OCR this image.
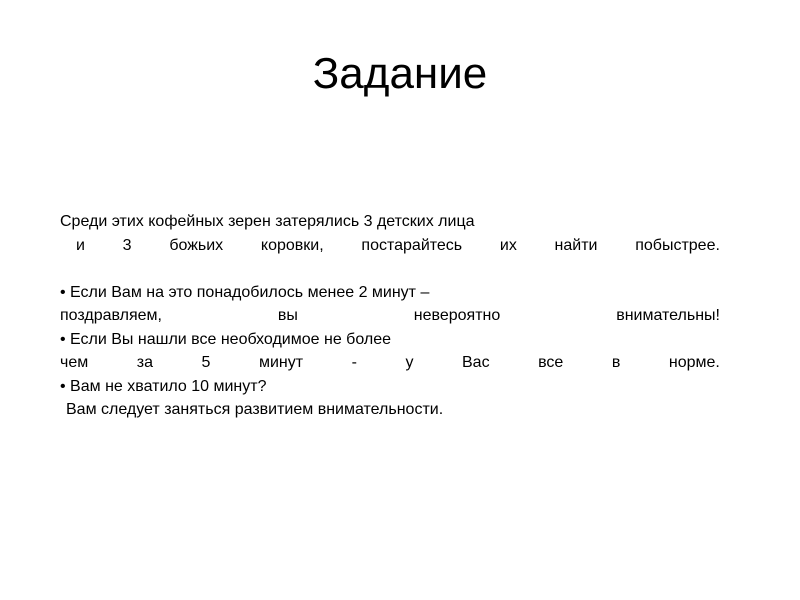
Задание
Среди этих кофейных зерен затерялись 3 детских лица
и 3 божьих коровки, постарайтесь их найти побыстрее.
• Если Вам на это понадобилось менее 2 минут –
поздравляем,	вы	невероятно	внимательны!
• Если Вы нашли все необходимое не более
чем	за	5	минут	-	у	Вас	все	в	норме.
• Вам не хватило 10 минут?
Вам следует заняться развитием внимательности.
